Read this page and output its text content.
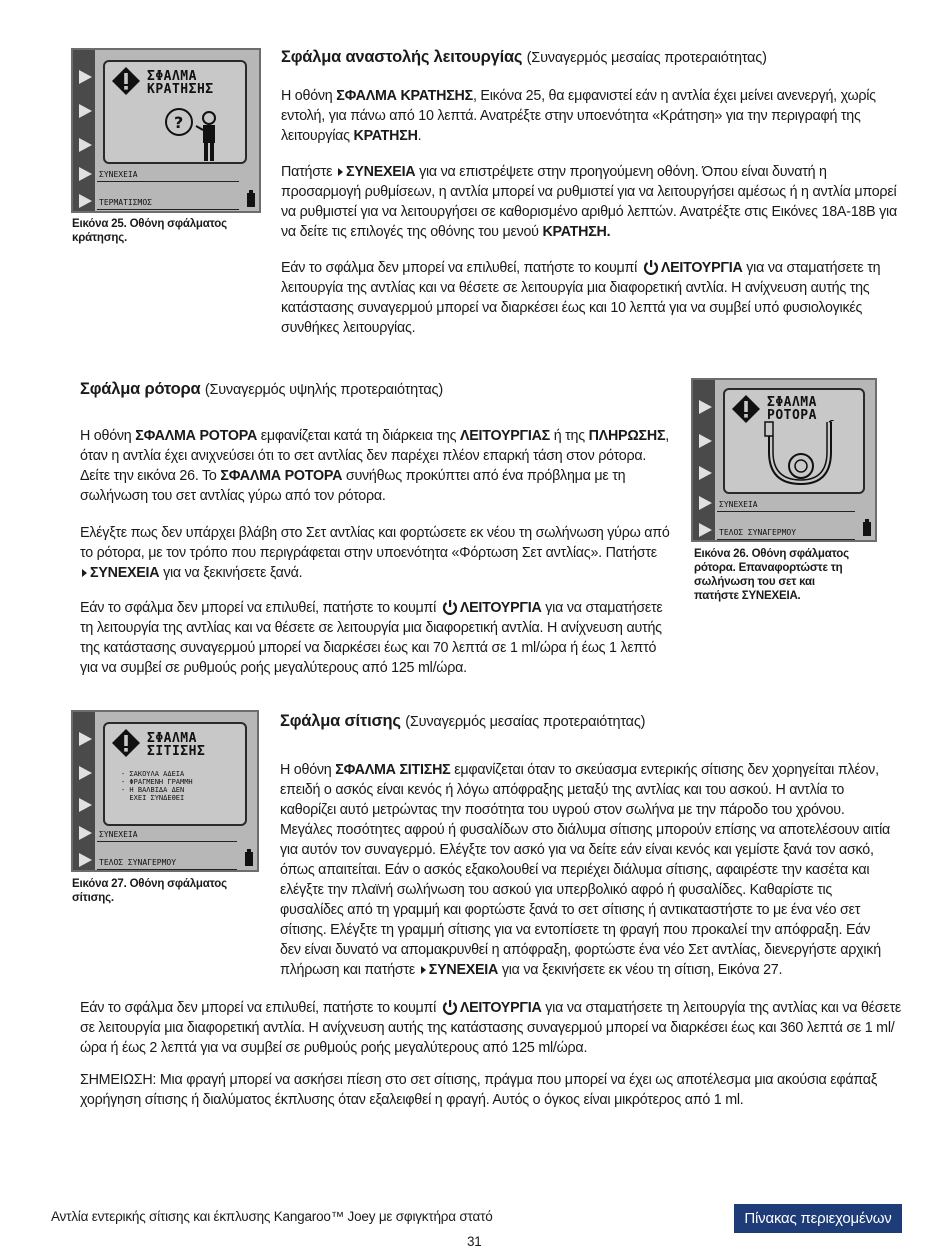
ΣΦΑΛΜΑ
ΚΡΑΤΗΣΗΣ
?
ΣΥΝΕΧΕΙΑ
ΤΕΡΜΑΤΙΣΜΟΣ
Εικόνα 25. Οθόνη σφάλματος κράτησης.
Σφάλμα αναστολής λειτουργίας (Συναγερμός μεσαίας προτεραιότητας)
Η οθόνη ΣΦΑΛΜΑ ΚΡΑΤΗΣΗΣ, Εικόνα 25, θα εμφανιστεί εάν η αντλία έχει μείνει ανενεργή, χωρίς εντολή, για πάνω από 10 λεπτά. Ανατρέξτε στην υποενότητα «Κράτηση» για την περιγραφή της λειτουργίας ΚΡΑΤΗΣΗ.
Πατήστε ΣΥΝΕΧΕΙΑ για να επιστρέψετε στην προηγούμενη οθόνη. Όπου είναι δυνατή η προσαρμογή ρυθμίσεων, η αντλία μπορεί να ρυθμιστεί για να λειτουργήσει αμέσως ή η αντλία μπορεί να ρυθμιστεί για να λειτουργήσει σε καθορισμένο αριθμό λεπτών. Ανατρέξτε στις Εικόνες 18A-18B για να δείτε τις επιλογές της οθόνης του μενού ΚΡΑΤΗΣΗ.
Εάν το σφάλμα δεν μπορεί να επιλυθεί, πατήστε το κουμπί ΛΕΙΤΟΥΡΓΙΑ για να σταματήσετε τη λειτουργία της αντλίας και να θέσετε σε λειτουργία μια διαφορετική αντλία. Η ανίχνευση αυτής της κατάστασης συναγερμού μπορεί να διαρκέσει έως και 10 λεπτά για να συμβεί υπό φυσιολογικές συνθήκες λειτουργίας.
Σφάλμα ρότορα (Συναγερμός υψηλής προτεραιότητας)
Η οθόνη ΣΦΑΛΜΑ ΡΟΤΟΡΑ εμφανίζεται κατά τη διάρκεια της ΛΕΙΤΟΥΡΓΙΑΣ ή της ΠΛΗΡΩΣΗΣ, όταν η αντλία έχει ανιχνεύσει ότι το σετ αντλίας δεν παρέχει πλέον επαρκή τάση στον ρότορα. Δείτε την εικόνα 26. Το ΣΦΑΛΜΑ ΡΟΤΟΡΑ συνήθως προκύπτει από ένα πρόβλημα με τη σωλήνωση του σετ αντλίας γύρω από τον ρότορα.
Ελέγξτε πως δεν υπάρχει βλάβη στο Σετ αντλίας και φορτώσετε εκ νέου τη σωλήνωση γύρω από το ρότορα, με τον τρόπο που περιγράφεται στην υποενότητα «Φόρτωση Σετ αντλίας». Πατήστε ΣΥΝΕΧΕΙΑ για να ξεκινήσετε ξανά.
Εάν το σφάλμα δεν μπορεί να επιλυθεί, πατήστε το κουμπί ΛΕΙΤΟΥΡΓΙΑ για να σταματήσετε τη λειτουργία της αντλίας και να θέσετε σε λειτουργία μια διαφορετική αντλία. Η ανίχνευση αυτής της κατάστασης συναγερμού μπορεί να διαρκέσει έως και 70 λεπτά σε 1 ml/ώρα ή έως 1 λεπτό για να συμβεί σε ρυθμούς ροής μεγαλύτερους από 125 ml/ώρα.
ΣΦΑΛΜΑ
ΡΟΤΟΡΑ
ΣΥΝΕΧΕΙΑ
ΤΕΛΟΣ ΣΥΝΑΓΕΡΜΟΥ
Εικόνα 26. Οθόνη σφάλματος ρότορα. Επαναφορτώστε τη σωλήνωση του σετ και πατήστε ΣΥΝΕΧΕΙΑ.
ΣΦΑΛΜΑ
ΣΙΤΙΣΗΣ
- ΣΑΚΟΥΛΑ ΑΔΕΙΑ
- ΦΡΑΓΜΕΝΗ ΓΡΑΜΜΗ
- Η ΒΑΛΒΙΔΑ ΔΕΝ
ΕΧΕΙ ΣΥΝΔΕΘΕΙ
ΣΥΝΕΧΕΙΑ
ΤΕΛΟΣ ΣΥΝΑΓΕΡΜΟΥ
Εικόνα 27. Οθόνη σφάλματος σίτισης.
Σφάλμα σίτισης (Συναγερμός μεσαίας προτεραιότητας)
Η οθόνη ΣΦΑΛΜΑ ΣΙΤΙΣΗΣ εμφανίζεται όταν το σκεύασμα εντερικής σίτισης δεν χορηγείται πλέον, επειδή ο ασκός είναι κενός ή λόγω απόφραξης μεταξύ της αντλίας και του ασκού. Η αντλία το καθορίζει αυτό μετρώντας την ποσότητα του υγρού στον σωλήνα με την πάροδο του χρόνου. Μεγάλες ποσότητες αφρού ή φυσαλίδων στο διάλυμα σίτισης μπορούν επίσης να αποτελέσουν αιτία για αυτόν τον συναγερμό. Ελέγξτε τον ασκό για να δείτε εάν είναι κενός και γεμίστε ξανά τον ασκό, όπως απαιτείται. Εάν ο ασκός εξακολουθεί να περιέχει διάλυμα σίτισης, αφαιρέστε την κασέτα και ελέγξτε την πλαϊνή σωλήνωση του ασκού για υπερβολικό αφρό ή φυσαλίδες. Καθαρίστε τις φυσαλίδες από τη γραμμή και φορτώστε ξανά το σετ σίτισης ή αντικαταστήστε το με ένα νέο σετ σίτισης. Ελέγξτε τη γραμμή σίτισης για να εντοπίσετε τη φραγή που προκαλεί την απόφραξη. Εάν δεν είναι δυνατό να απομακρυνθεί η απόφραξη, φορτώστε ένα νέο Σετ αντλίας, διενεργήστε αρχική πλήρωση και πατήστε ΣΥΝΕΧΕΙΑ για να ξεκινήσετε εκ νέου τη σίτιση, Εικόνα 27.
Εάν το σφάλμα δεν μπορεί να επιλυθεί, πατήστε το κουμπί ΛΕΙΤΟΥΡΓΙΑ για να σταματήσετε τη λειτουργία της αντλίας και να θέσετε σε λειτουργία μια διαφορετική αντλία. Η ανίχνευση αυτής της κατάστασης συναγερμού μπορεί να διαρκέσει έως και 360 λεπτά σε 1 ml/ώρα ή έως 2 λεπτά για να συμβεί σε ρυθμούς ροής μεγαλύτερους από 125 ml/ώρα.
ΣΗΜΕΙΩΣΗ: Μια φραγή μπορεί να ασκήσει πίεση στο σετ σίτισης, πράγμα που μπορεί να έχει ως αποτέλεσμα μια ακούσια εφάπαξ χορήγηση σίτισης ή διαλύματος έκπλυσης όταν εξαλειφθεί η φραγή. Αυτός ο όγκος είναι μικρότερος από 1 ml.
Αντλία εντερικής σίτισης και έκπλυσης Kangaroo™ Joey με σφιγκτήρα στατό
31
Πίνακας περιεχομένων
